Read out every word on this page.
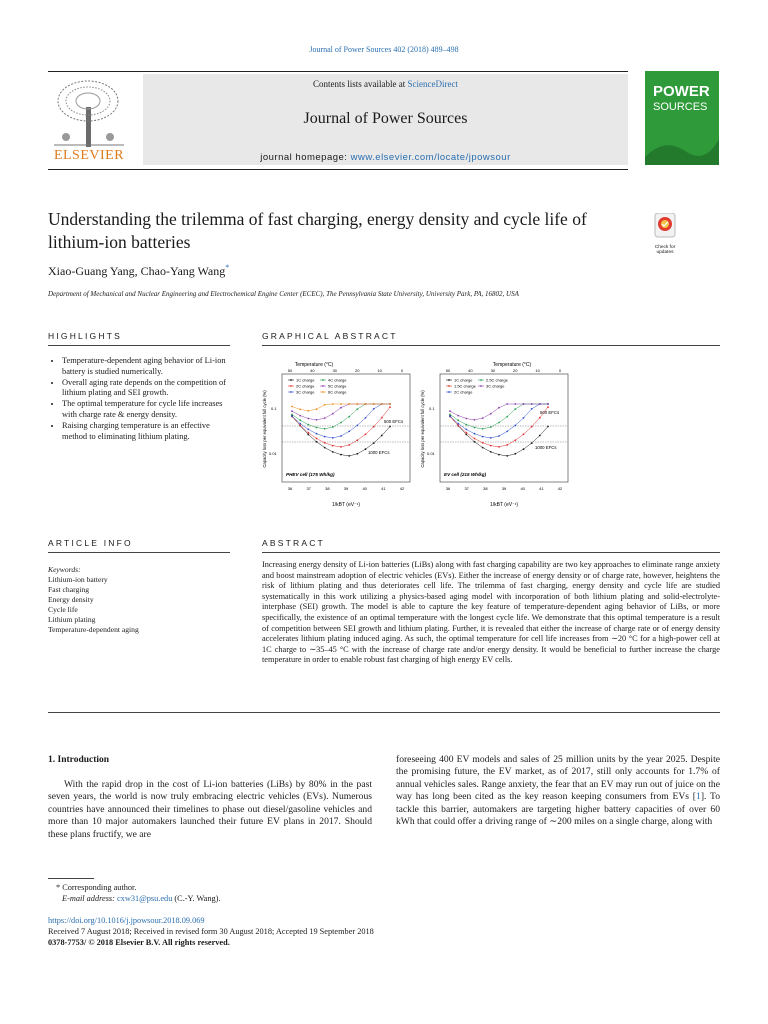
Journal of Power Sources 402 (2018) 489–498
ELSEVIER
Contents lists available at ScienceDirect
Journal of Power Sources
journal homepage: www.elsevier.com/locate/jpowsour
POWER
SOURCES
Understanding the trilemma of fast charging, energy density and cycle life of lithium-ion batteries	Check for updates
Xiao-Guang Yang, Chao-Yang Wang*
Department of Mechanical and Nuclear Engineering and Electrochemical Engine Center (ECEC), The Pennsylvania State University, University Park, PA, 16802, USA
HIGHLIGHTS	GRAPHICAL ABSTRACT
• Temperature-dependent aging behavior of Li-ion battery is studied numerically.
• Overall aging rate depends on the competition of lithium plating and SEI growth.
• The optimal temperature for cycle life increases with charge rate & energy density.
• Raising charging temperature is an effective method to eliminating lithium plating.
Temperature (°C)
Capacity loss per equivalent full cycle (%) 0.1
0.01
1/kBT (eV⁻¹)
PHEV cell (175 Wh/kg)
500 EFCs
1000 EFCs
50	40	30	20	10	0
36	37	38	39	40	41	42
1C charge
2C charge
3C charge
4C charge
5C charge
6C charge
Temperature (°C)
Capacity loss per equivalent full cycle (%) 0.1
0.01
1/kBT (eV⁻¹)
EV cell (215 Wh/kg)
500 EFCs
1000 EFCs
50	40	30	20	10	0
36	37	38	39	40	41	42
1C charge
1.5C charge
2C charge
2.5C charge
3C charge
ARTICLE INFO	ABSTRACT
Keywords:
Lithium-ion battery
Fast charging
Energy density
Cycle life
Lithium plating
Temperature-dependent aging
Increasing energy density of Li-ion batteries (LiBs) along with fast charging capability are two key approaches to eliminate range anxiety and boost mainstream adoption of electric vehicles (EVs). Either the increase of energy density or of charge rate, however, heightens the risk of lithium plating and thus deteriorates cell life. The trilemma of fast charging, energy density and cycle life are studied systematically in this work utilizing a physics-based aging model with incorporation of both lithium plating and solid-electrolyte-interphase (SEI) growth. The model is able to capture the key feature of temperature-dependent aging behavior of LiBs, or more specifically, the existence of an optimal temperature with the longest cycle life. We demonstrate that this optimal temperature is a result of competition between SEI growth and lithium plating. Further, it is revealed that either the increase of charge rate or of energy density accelerates lithium plating induced aging. As such, the optimal temperature for cell life increases from ∼20 °C for a high-power cell at 1C charge to ∼35–45 °C with the increase of charge rate and/or energy density. It would be beneficial to further increase the charge temperature in order to enable robust fast charging of high energy EV cells.
1. Introduction
With the rapid drop in the cost of Li-ion batteries (LiBs) by 80% in the past seven years, the world is now truly embracing electric vehicles (EVs). Numerous countries have announced their timelines to phase out diesel/gasoline vehicles and more than 10 major automakers launched their future EV plans in 2017. Should these plans fructify, we are
foreseeing 400 EV models and sales of 25 million units by the year 2025. Despite the promising future, the EV market, as of 2017, still only accounts for 1.7% of annual vehicles sales. Range anxiety, the fear that an EV may run out of juice on the way has long been cited as the key reason keeping consumers from EVs [1]. To tackle this barrier, automakers are targeting higher battery capacities of over 60 kWh that could offer a driving range of ∼200 miles on a single charge, along with
* Corresponding author.
E-mail address: cxw31@psu.edu (C.-Y. Wang).
https://doi.org/10.1016/j.jpowsour.2018.09.069
Received 7 August 2018; Received in revised form 30 August 2018; Accepted 19 September 2018
0378-7753/ © 2018 Elsevier B.V. All rights reserved.
